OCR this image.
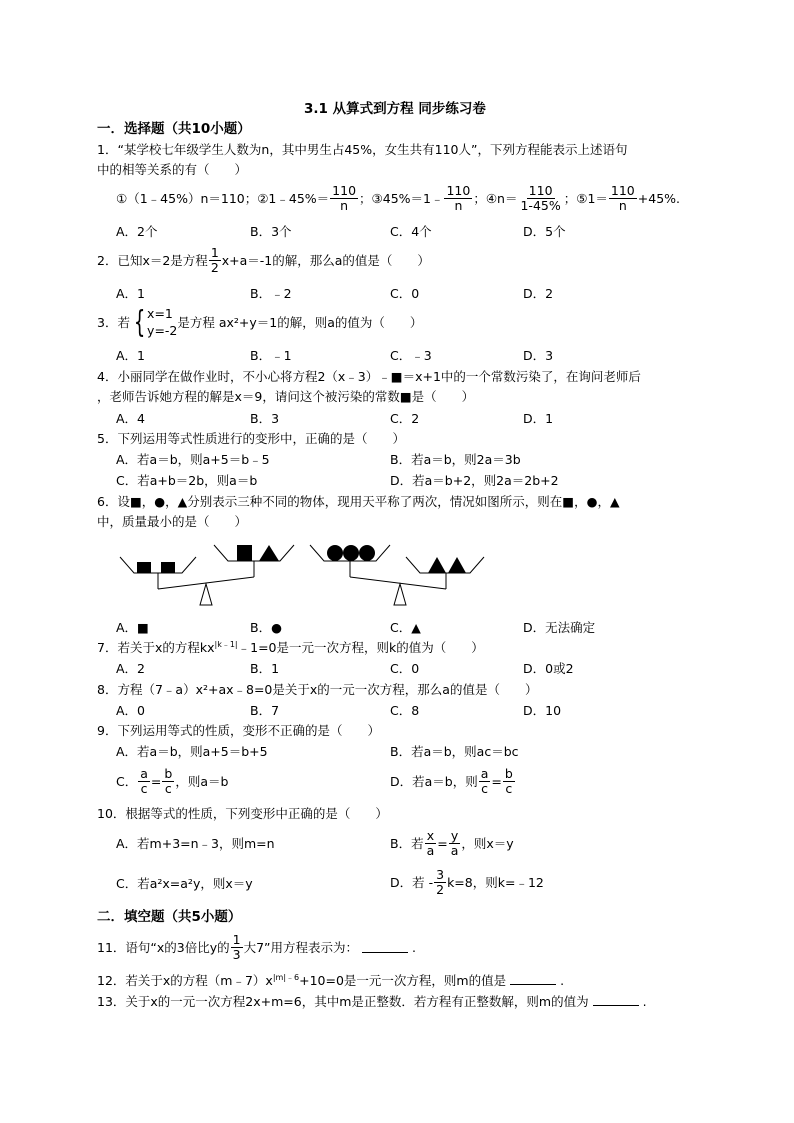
3.1 从算式到方程 同步练习卷
一．选择题（共10小题）
1．“某学校七年级学生人数为n，其中男生占45%，女生共有110人”，下列方程能表示上述语句
中的相等关系的有（　　）
①（1﹣45%）n＝110；②1﹣45%＝ $\frac{110}{n}$ ；③45%＝1﹣ $\frac{110}{n}$ ；④n＝ $\frac{110}{1-45\%}$ ；⑤1＝ $\frac{110}{n} +45\%$.
A．2个	B．3个	C．4个	D．5个
2．已知x＝2是方程 $\frac{1}{2} x+a=-1$的解，那么a的值是（　　）
A．1	B．﹣2	C．0	D．2
3．若 { x=1
y=-2
是方程 ax²+y＝1的解，则a的值为（　　）
A．1	B．﹣1	C．﹣3	D．3
4．小丽同学在做作业时，不小心将方程2（x﹣3）﹣■＝x+1中的一个常数污染了，在询问老师后
，老师告诉她方程的解是x＝9，请问这个被污染的常数■是（　　）
A．4	B．3	C．2	D．1
5．下列运用等式性质进行的变形中，正确的是（　　）
A．若a＝b，则a+5＝b﹣5	B．若a＝b，则2a＝3b
C．若a+b＝2b，则a＝b	D．若a＝b+2，则2a＝2b+2
6．设■，●，▲分别表示三种不同的物体，现用天平称了两次，情况如图所示，则在■，●，▲
中，质量最小的是（　　）
A．■	B．●	C．▲	D．无法确定
7．若关于x的方程$kx^{|k﹣1|}﹣1=0$是一元一次方程，则k的值为（　　）
A．2	B．1	C．0	D．0或2
8．方程（7﹣a）x²+ax﹣8=0是关于x的一元一次方程，那么a的值是（　　）
A．0	B．7	C．8	D．10
9．下列运用等式的性质，变形不正确的是（　　）
A．若a＝b，则a+5＝b+5	B．若a＝b，则ac＝bc
C． $\frac{a}{c} = \frac{b}{c}$ ，则a＝b	D．若a＝b，则 $\frac{a}{c} = \frac{b}{c}$
10．根据等式的性质，下列变形中正确的是（　　）
A．若m+3=n﹣3，则m=n	B．若 $\frac{x}{a} = \frac{y}{a}$ ，则x＝y
C．若a²x=a²y，则x＝y	D．若 - $\frac{3}{2} k=8$，则k=﹣12
二．填空题（共5小题）
11．语句“x的3倍比y的 $\frac{1}{3}$ 大7”用方程表示为：	.
12．若关于x的方程$(m﹣7)x^{|m|﹣6}+10=0$是一元一次方程，则m的值是	.
13．关于x的一元一次方程2x+m=6，其中m是正整数．若方程有正整数解，则m的值为	.
